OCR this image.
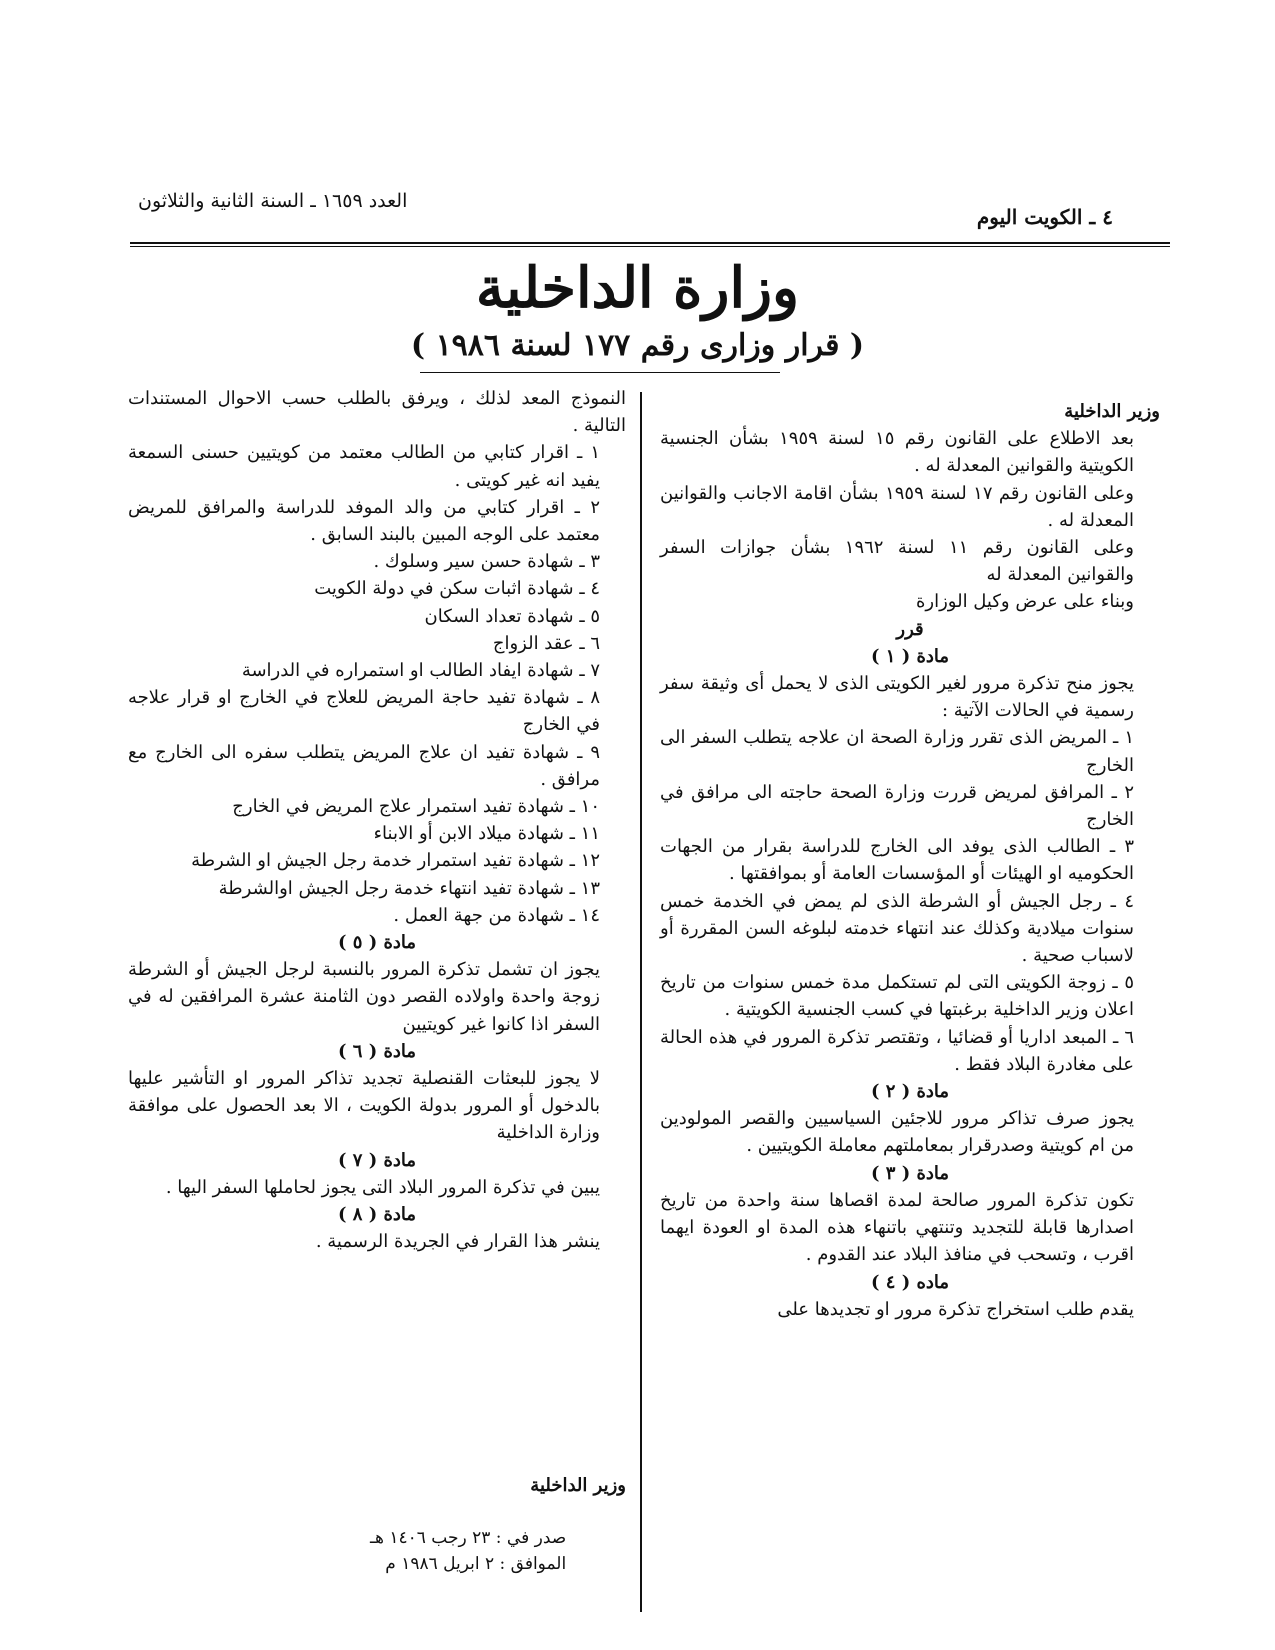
العدد ١٦٥٩ ـ السنة الثانية والثلاثون
٤ ـ الكويت اليوم
وزارة الداخلية
( قرار وزارى رقم ١٧٧ لسنة ١٩٨٦ )

وزير الداخلية

بعد الاطلاع على القانون رقم ١٥ لسنة ١٩٥٩ بشأن الجنسية الكويتية والقوانين المعدلة له .

وعلى القانون رقم ١٧ لسنة ١٩٥٩ بشأن اقامة الاجانب والقوانين المعدلة له .

وعلى القانون رقم ١١ لسنة ١٩٦٢ بشأن جوازات السفر والقوانين المعدلة له

وبناء على عرض وكيل الوزارة

قرر

مادة ( ١ )

يجوز منح تذكرة مرور لغير الكويتى الذى لا يحمل أى وثيقة سفر رسمية في الحالات الآتية :

١ ـ المريض الذى تقرر وزارة الصحة ان علاجه يتطلب السفر الى الخارج

٢ ـ المرافق لمريض قررت وزارة الصحة حاجته الى مرافق في الخارج

٣ ـ الطالب الذى يوفد الى الخارج للدراسة بقرار من الجهات الحكوميه او الهيئات أو المؤسسات العامة أو بموافقتها .

٤ ـ رجل الجيش أو الشرطة الذى لم يمض في الخدمة خمس سنوات ميلادية وكذلك عند انتهاء خدمته لبلوغه السن المقررة أو لاسباب صحية .

٥ ـ زوجة الكويتى التى لم تستكمل مدة خمس سنوات من تاريخ اعلان وزير الداخلية برغبتها في كسب الجنسية الكويتية .

٦ ـ المبعد اداريا أو قضائيا ، وتقتصر تذكرة المرور في هذه الحالة على مغادرة البلاد فقط .

مادة ( ٢ )

يجوز صرف تذاكر مرور للاجئين السياسيين والقصر المولودين من ام كويتية وصدرقرار بمعاملتهم معاملة الكويتيين .

مادة ( ٣ )

تكون تذكرة المرور صالحة لمدة اقصاها سنة واحدة من تاريخ اصدارها قابلة للتجديد وتنتهي باتنهاء هذه المدة او العودة ايهما اقرب ، وتسحب في منافذ البلاد عند القدوم .

ماده ( ٤ )

يقدم طلب استخراج تذكرة مرور او تجديدها على

النموذج المعد لذلك ، ويرفق بالطلب حسب الاحوال المستندات التالية .

١ ـ اقرار كتابي من الطالب معتمد من كويتيين حسنى السمعة يفيد انه غير كويتى .

٢ ـ اقرار كتابي من والد الموفد للدراسة والمرافق للمريض معتمد على الوجه المبين بالبند السابق .

٣ ـ شهادة حسن سير وسلوك .

٤ ـ شهادة اثبات سكن في دولة الكويت

٥ ـ شهادة تعداد السكان

٦ ـ عقد الزواج

٧ ـ شهادة ايفاد الطالب او استمراره في الدراسة

٨ ـ شهادة تفيد حاجة المريض للعلاج في الخارج او قرار علاجه في الخارج

٩ ـ شهادة تفيد ان علاج المريض يتطلب سفره الى الخارج مع مرافق .

١٠ ـ شهادة تفيد استمرار علاج المريض في الخارج

١١ ـ شهادة ميلاد الابن أو الابناء

١٢ ـ شهادة تفيد استمرار خدمة رجل الجيش او الشرطة

١٣ ـ شهادة تفيد انتهاء خدمة رجل الجيش اوالشرطة

١٤ ـ شهادة من جهة العمل .

مادة ( ٥ )

يجوز ان تشمل تذكرة المرور بالنسبة لرجل الجيش أو الشرطة زوجة واحدة واولاده القصر دون الثامنة عشرة المرافقين له في السفر اذا كانوا غير كويتيين

مادة ( ٦ )

لا يجوز للبعثات القنصلية تجديد تذاكر المرور او التأشير عليها بالدخول أو المرور بدولة الكويت ، الا بعد الحصول على موافقة وزارة الداخلية

مادة ( ٧ )

يبين في تذكرة المرور البلاد التى يجوز لحاملها السفر اليها .

مادة ( ٨ )

ينشر هذا القرار في الجريدة الرسمية .

وزير الداخلية
صدر في : ٢٣ رجب ١٤٠٦ هـ
الموافق : ٢ ابريل ١٩٨٦ م
